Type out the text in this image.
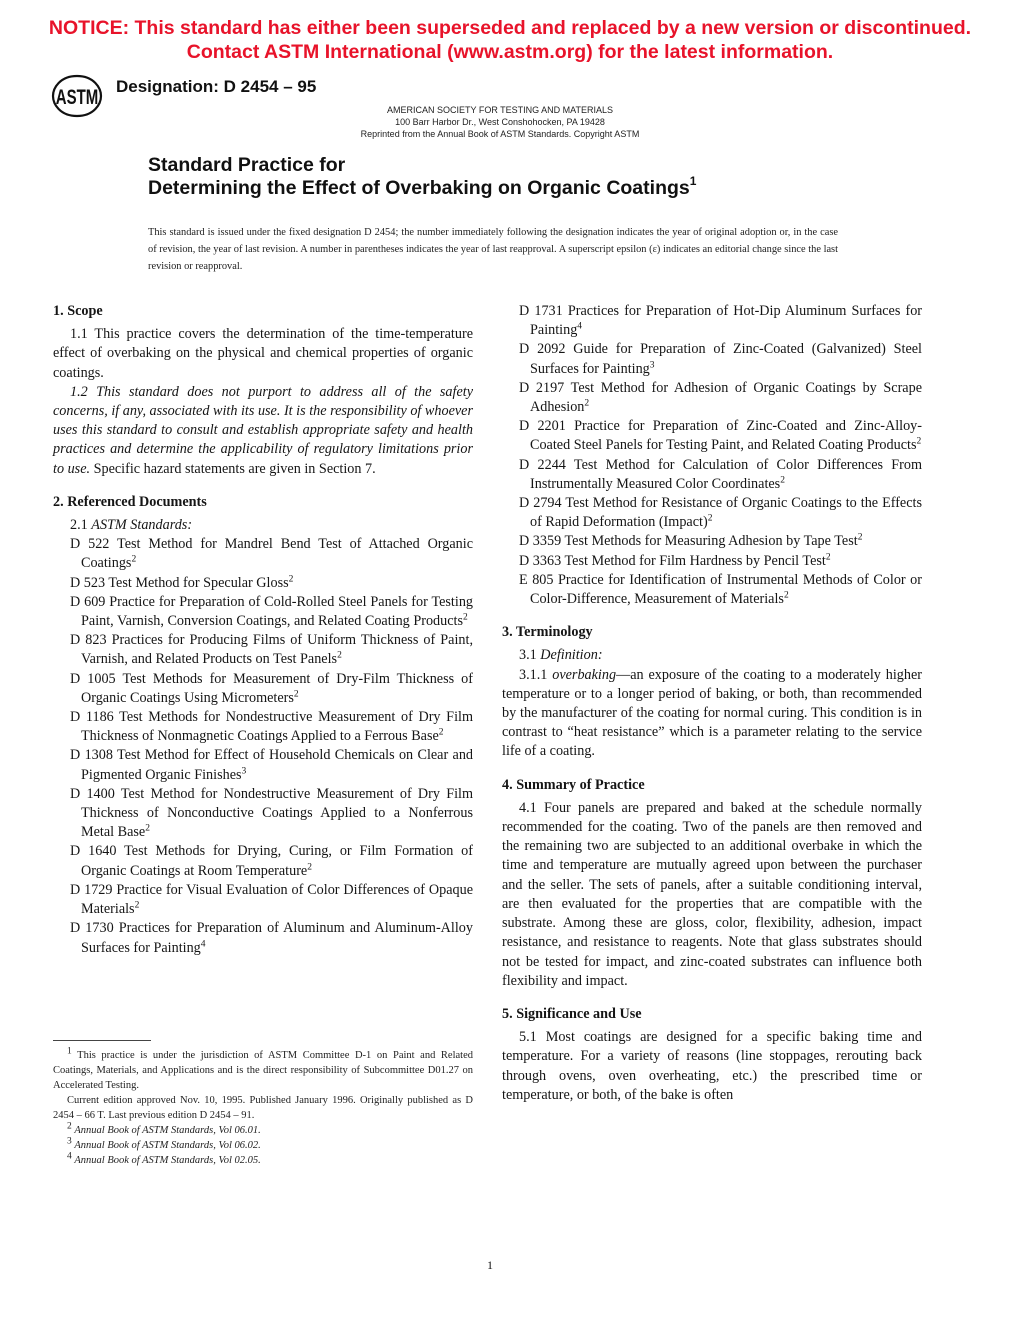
NOTICE: This standard has either been superseded and replaced by a new version or discontinued.
Contact ASTM International (www.astm.org) for the latest information.
ASTM Designation: D 2454 – 95
AMERICAN SOCIETY FOR TESTING AND MATERIALS
100 Barr Harbor Dr., West Conshohocken, PA 19428
Reprinted from the Annual Book of ASTM Standards. Copyright ASTM
Standard Practice for
Determining the Effect of Overbaking on Organic Coatings$^1$
This standard is issued under the fixed designation D 2454; the number immediately following the designation indicates the year of original adoption or, in the case of revision, the year of last revision. A number in parentheses indicates the year of last reapproval. A superscript epsilon (ε) indicates an editorial change since the last revision or reapproval.
1. Scope

1.1 This practice covers the determination of the time-temperature effect of overbaking on the physical and chemical properties of organic coatings.

1.2 This standard does not purport to address all of the safety concerns, if any, associated with its use. It is the responsibility of whoever uses this standard to consult and establish appropriate safety and health practices and determine the applicability of regulatory limitations prior to use. Specific hazard statements are given in Section 7.

2. Referenced Documents

2.1 ASTM Standards:

D 522 Test Method for Mandrel Bend Test of Attached Organic Coatings$^2$

D 523 Test Method for Specular Gloss$^2$

D 609 Practice for Preparation of Cold-Rolled Steel Panels for Testing Paint, Varnish, Conversion Coatings, and Related Coating Products$^2$

D 823 Practices for Producing Films of Uniform Thickness of Paint, Varnish, and Related Products on Test Panels$^2$

D 1005 Test Methods for Measurement of Dry-Film Thickness of Organic Coatings Using Micrometers$^2$

D 1186 Test Methods for Nondestructive Measurement of Dry Film Thickness of Nonmagnetic Coatings Applied to a Ferrous Base$^2$

D 1308 Test Method for Effect of Household Chemicals on Clear and Pigmented Organic Finishes$^3$

D 1400 Test Method for Nondestructive Measurement of Dry Film Thickness of Nonconductive Coatings Applied to a Nonferrous Metal Base$^2$

D 1640 Test Methods for Drying, Curing, or Film Formation of Organic Coatings at Room Temperature$^2$

D 1729 Practice for Visual Evaluation of Color Differences of Opaque Materials$^2$

D 1730 Practices for Preparation of Aluminum and Aluminum-Alloy Surfaces for Painting$^4$

D 1731 Practices for Preparation of Hot-Dip Aluminum Surfaces for Painting$^4$

D 2092 Guide for Preparation of Zinc-Coated (Galvanized) Steel Surfaces for Painting$^3$

D 2197 Test Method for Adhesion of Organic Coatings by Scrape Adhesion$^2$

D 2201 Practice for Preparation of Zinc-Coated and Zinc-Alloy-Coated Steel Panels for Testing Paint, and Related Coating Products$^2$

D 2244 Test Method for Calculation of Color Differences From Instrumentally Measured Color Coordinates$^2$

D 2794 Test Method for Resistance of Organic Coatings to the Effects of Rapid Deformation (Impact)$^2$

D 3359 Test Methods for Measuring Adhesion by Tape Test$^2$

D 3363 Test Method for Film Hardness by Pencil Test$^2$

E 805 Practice for Identification of Instrumental Methods of Color or Color-Difference, Measurement of Materials$^2$

3. Terminology

3.1 Definition:

3.1.1 overbaking—an exposure of the coating to a moderately higher temperature or to a longer period of baking, or both, than recommended by the manufacturer of the coating for normal curing. This condition is in contrast to “heat resistance” which is a parameter relating to the service life of a coating.

4. Summary of Practice

4.1 Four panels are prepared and baked at the schedule normally recommended for the coating. Two of the panels are then removed and the remaining two are subjected to an additional overbake in which the time and temperature are mutually agreed upon between the purchaser and the seller. The sets of panels, after a suitable conditioning interval, are then evaluated for the properties that are compatible with the substrate. Among these are gloss, color, flexibility, adhesion, impact resistance, and resistance to reagents. Note that glass substrates should not be tested for impact, and zinc-coated substrates can influence both flexibility and impact.

5. Significance and Use

5.1 Most coatings are designed for a specific baking time and temperature. For a variety of reasons (line stoppages, rerouting back through ovens, oven overheating, etc.) the prescribed time or temperature, or both, of the bake is often

$^1$ This practice is under the jurisdiction of ASTM Committee D-1 on Paint and Related Coatings, Materials, and Applications and is the direct responsibility of Subcommittee D01.27 on Accelerated Testing.

Current edition approved Nov. 10, 1995. Published January 1996. Originally published as D 2454 – 66 T. Last previous edition D 2454 – 91.

$^2$ Annual Book of ASTM Standards, Vol 06.01.

$^3$ Annual Book of ASTM Standards, Vol 06.02.

$^4$ Annual Book of ASTM Standards, Vol 02.05.

1
